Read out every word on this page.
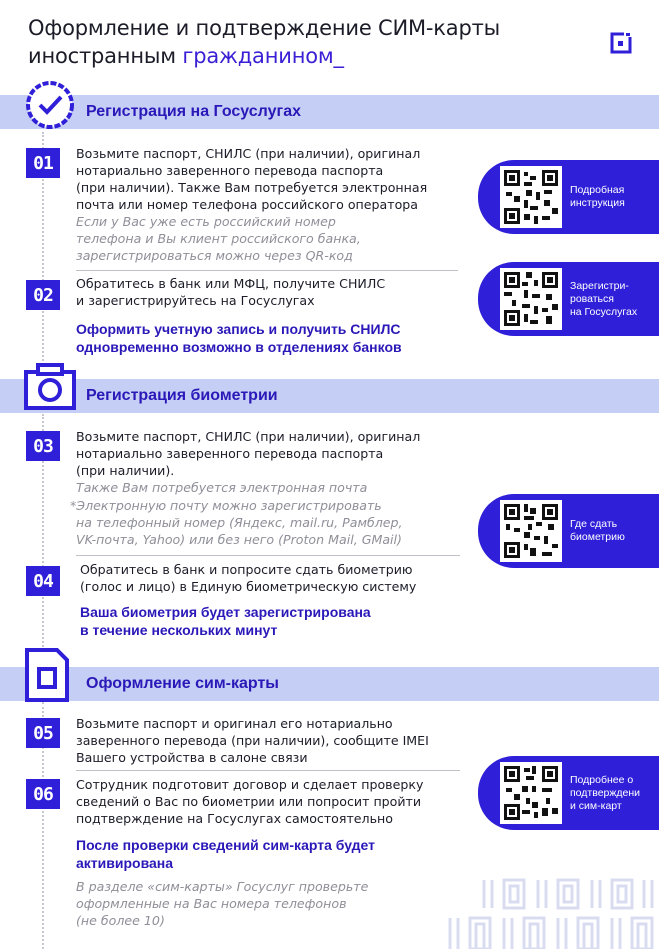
Оформление и подтверждение СИМ-карты
иностранным гражданином_
Регистрация на Госуслугах
01	Возьмите паспорт, СНИЛС (при наличии), оригинал
нотариально заверенного перевода паспорта
(при наличии). Также Вам потребуется электронная
почта или номер телефона российского оператора
Если у Вас уже есть российский номер
телефона и Вы клиент российского банка,
зарегистрироваться можно через QR-код
02
Обратитесь в банк или МФЦ, получите СНИЛС
и зарегистрируйтесь на Госуслугах
Оформить учетную запись и получить СНИЛС
одновременно возможно в отделениях банков
Регистрация биометрии
03	Возьмите паспорт, СНИЛС (при наличии), оригинал
нотариально заверенного перевода паспорта
(при наличии).
Также Вам потребуется электронная почта
*Электронную почту можно зарегистрировать
на телефонный номер (Яндекс, mail.ru, Рамблер,
VK-почта, Yahoo) или без него (Proton Mail, GMail)
04
Обратитесь в банк и попросите сдать биометрию
(голос и лицо) в Единую биометрическую систему
Ваша биометрия будет зарегистрирована
в течение нескольких минут
Оформление сим-карты
05	Возьмите паспорт и оригинал его нотариально
заверенного перевода (при наличии), сообщите IMEI
Вашего устройства в салоне связи
06	Сотрудник подготовит договор и сделает проверку
сведений о Вас по биометрии или попросит пройти
подтверждение на Госуслугах самостоятельно
После проверки сведений сим-карта будет
активирована
В разделе «сим-карты» Госуслуг проверьте
оформленные на Вас номера телефонов
(не более 10)
Подробная
инструкция
Зарегистри-
роваться
на Госуслугах
Где сдать
биометрию
Подробнее о
подтверждени
и сим-карт
